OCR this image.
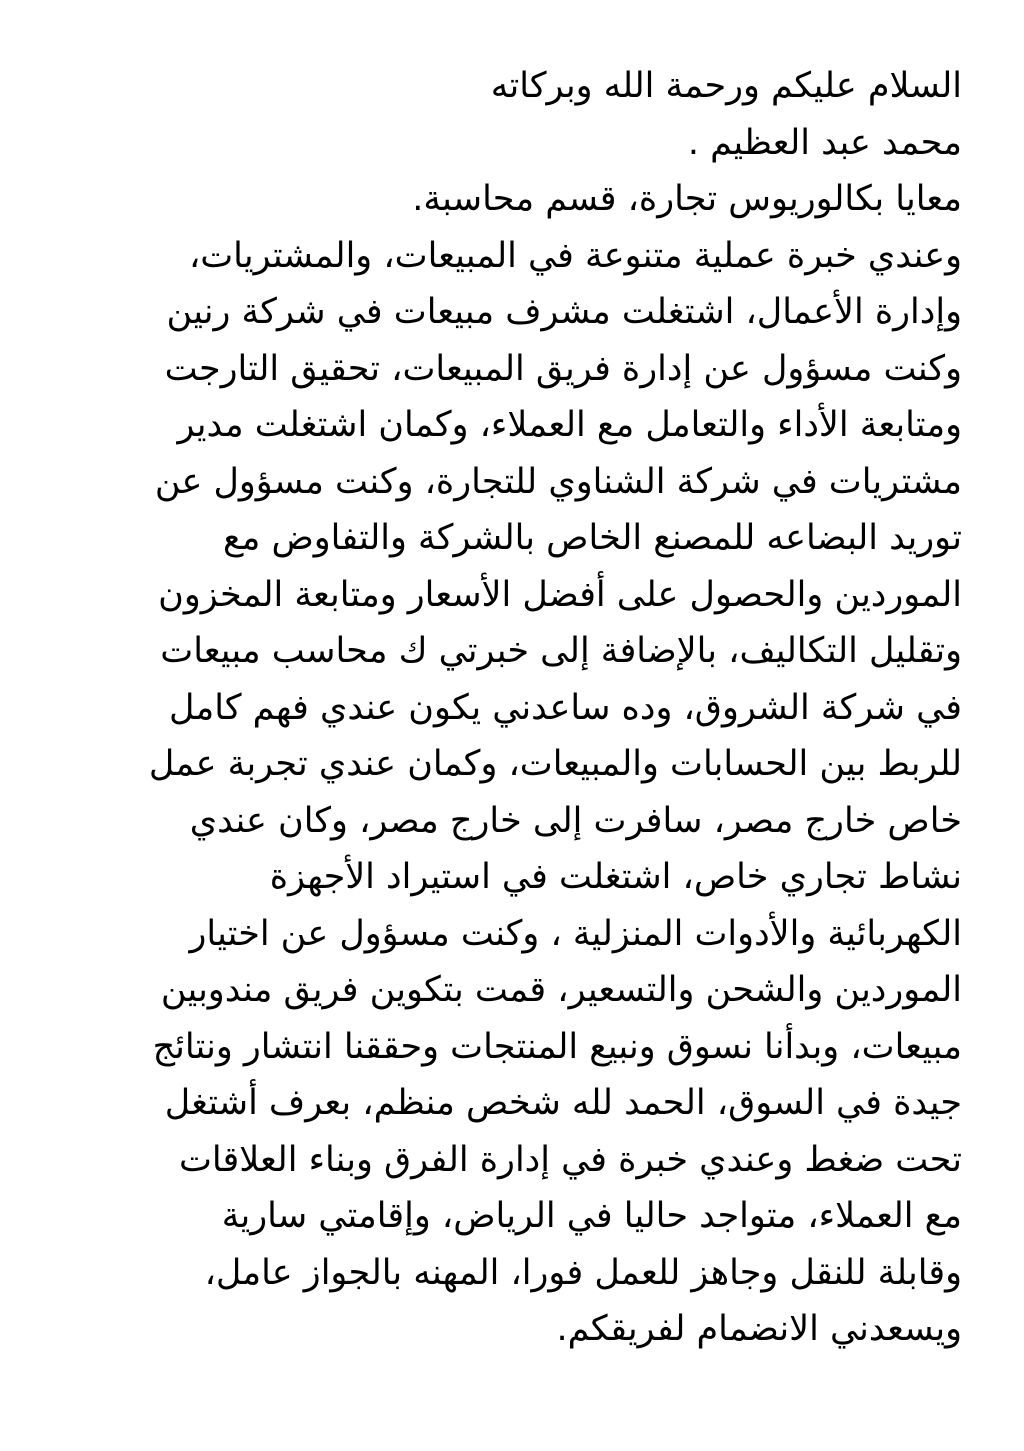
السلام عليكم ورحمة الله وبركاته
محمد عبد العظيم .
معايا بكالوريوس تجارة، قسم محاسبة.
وعندي خبرة عملية متنوعة في المبيعات، والمشتريات،
وإدارة الأعمال، اشتغلت مشرف مبيعات في شركة رنين
وكنت مسؤول عن إدارة فريق المبيعات، تحقيق التارجت
ومتابعة الأداء والتعامل مع العملاء، وكمان اشتغلت مدير
مشتريات في شركة الشناوي للتجارة، وكنت مسؤول عن
توريد البضاعه للمصنع الخاص بالشركة والتفاوض مع
الموردين والحصول على أفضل الأسعار ومتابعة المخزون
وتقليل التكاليف، بالإضافة إلى خبرتي ك محاسب مبيعات
في شركة الشروق، وده ساعدني يكون عندي فهم كامل
للربط بين الحسابات والمبيعات، وكمان عندي تجربة عمل
خاص خارج مصر، سافرت إلى خارج مصر، وكان عندي
نشاط تجاري خاص، اشتغلت في استيراد الأجهزة
الكهربائية والأدوات المنزلية ، وكنت مسؤول عن اختيار
الموردين والشحن والتسعير، قمت بتكوين فريق مندوبين
مبيعات، وبدأنا نسوق ونبيع المنتجات وحققنا انتشار ونتائج
جيدة في السوق، الحمد لله شخص منظم، بعرف أشتغل
تحت ضغط وعندي خبرة في إدارة الفرق وبناء العلاقات
مع العملاء، متواجد حاليا في الرياض، وإقامتي سارية
وقابلة للنقل وجاهز للعمل فورا، المهنه بالجواز عامل،
ويسعدني الانضمام لفريقكم.
